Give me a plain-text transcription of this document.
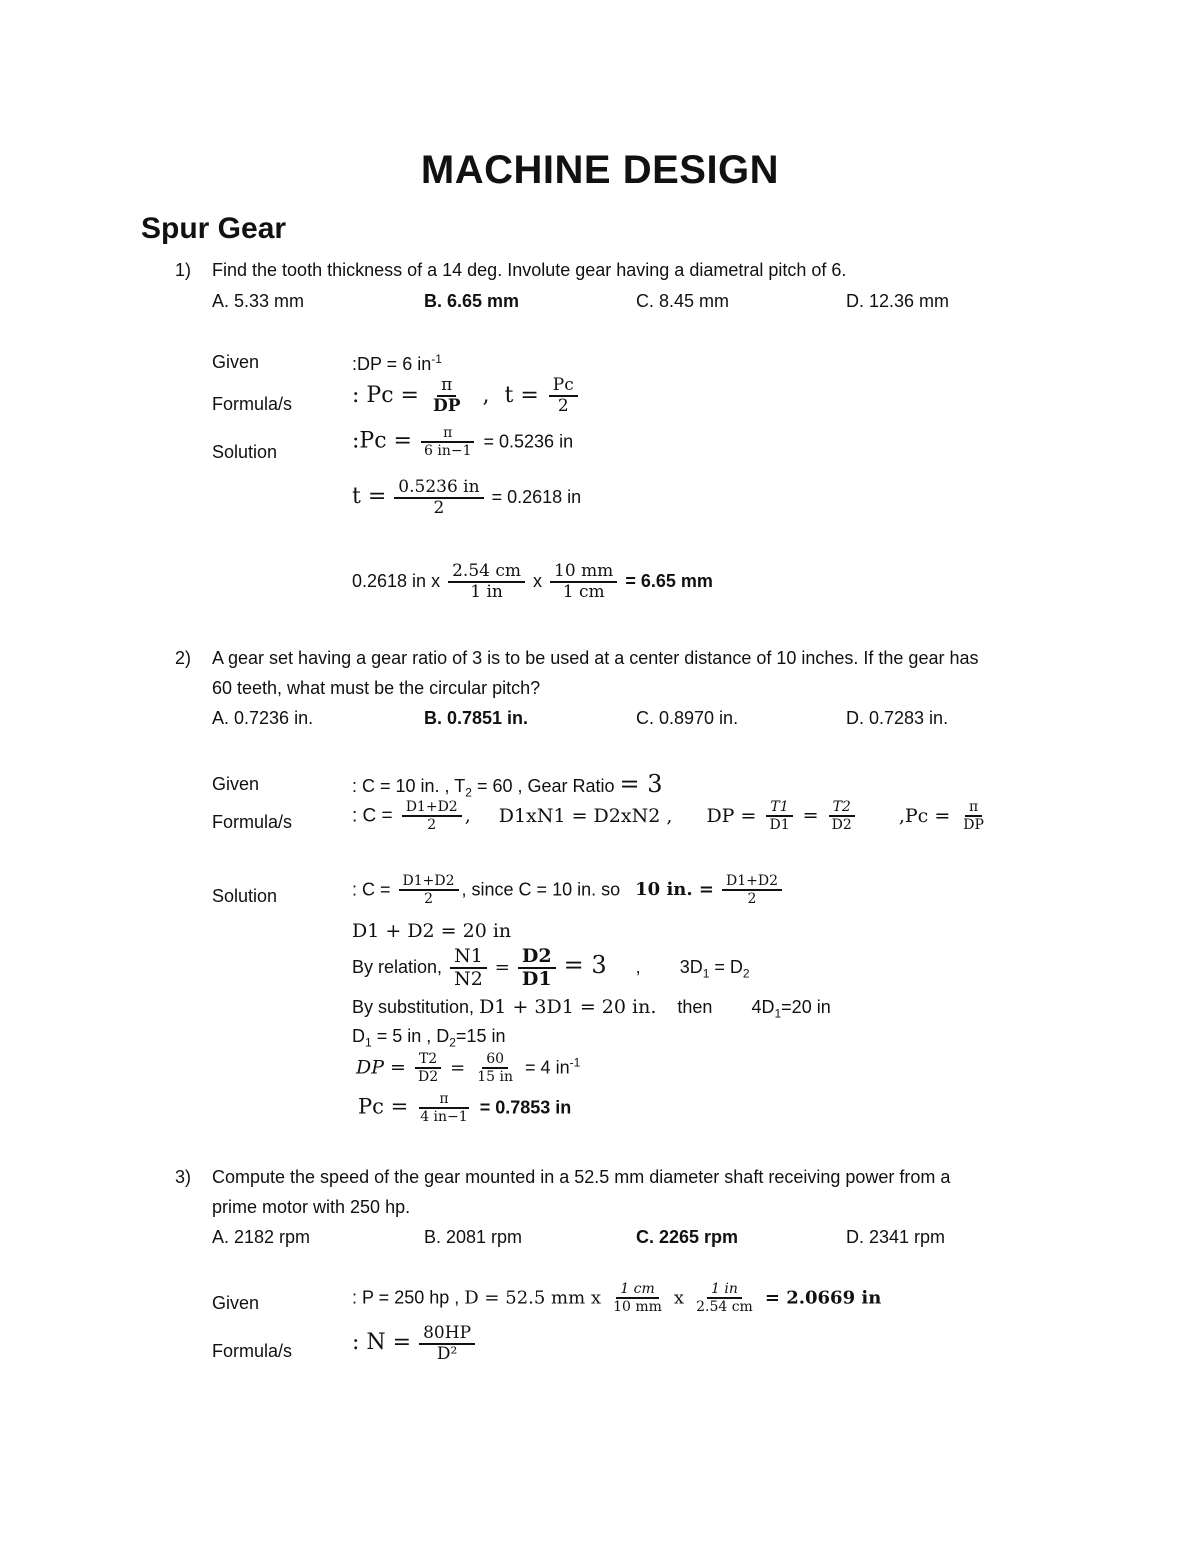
MACHINE DESIGN
Spur Gear
1) Find the tooth thickness of a 14 deg. Involute gear having a diametral pitch of 6.
A. 5.33 mm	B. 6.65 mm	C. 8.45 mm	D. 12.36 mm
Given	:DP = 6 $in^{-1}$
Formula/s	: $Pc = \frac{\pi}{DP}$ , $t = \frac{Pc}{2}$
Solution	:Pc = $\frac{\pi}{6 in-1} = 0.5236$ in
$t = \frac{0.5236 in}{2} = 0.2618$ in
0.2618 in x $\frac{2.54 cm}{1 in}$ x $\frac{10 mm}{1 cm} = 6.65$ mm
2) A gear set having a gear ratio of 3 is to be used at a center distance of 10 inches. If the gear has
60 teeth, what must be the circular pitch?
A. 0.7236 in.	B. 0.7851 in.	C. 0.8970 in.	D. 0.7283 in.
Given	: C = 10 in. , $T_2 = 60$ , Gear Ratio = 3
Formula/s	: $C = \frac{D1+D2}{2}$ , D1xN1 = D2xN2 , DP = $\frac{T1}{D1} = \frac{T2}{D2} ,Pc = \frac{\pi}{DP}$
Solution	: $C = \frac{D1+D2}{2}$ , since C = 10 in. so 10 in. = $\frac{D1+D2}{2}$
D1 + D2 = 20 in
By relation, $\frac{N1}{N2} = \frac{D2}{D1} = 3$ , $3D_1 = D_2$
By substitution, D1 + 3D1 = 20 in. then $4D_1=20$ in
$D_1 = 5$ in , $D_2=15$ in
DP = $\frac{T2}{D2} = \frac{60}{15 in} = 4$ $in^{-1}$
$Pc = \frac{\pi}{4 in-1} = 0.7853$ in
3) Compute the speed of the gear mounted in a 52.5 mm diameter shaft receiving power from a
prime motor with 250 hp.
A. 2182 rpm	B. 2081 rpm	C. 2265 rpm	D. 2341 rpm
Given	: P = 250 hp , D = 52.5 mm x $\frac{1 cm}{10 mm}$ x $\frac{1 in}{2.54 cm} = 2.0669$ in
Formula/s	: $N = \frac{80HP}{\text{D²}}$
